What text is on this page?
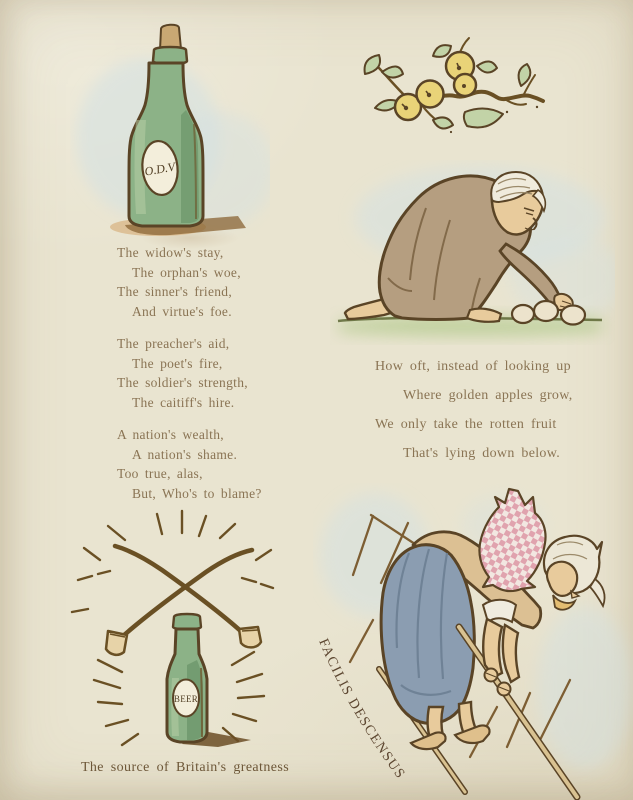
O.D.V
The widow's stay,
The orphan's woe,
The sinner's friend,
And virtue's foe.
The preacher's aid,
The poet's fire,
The soldier's strength,
The caitiff's hire.
A nation's wealth,
A nation's shame.
Too true, alas,
But, Who's to blame?
How oft, instead of looking up
Where golden apples grow,
We only take the rotten fruit
That's lying down below.
BEER
The source of Britain's greatness
FACILIS DESCENSUS
